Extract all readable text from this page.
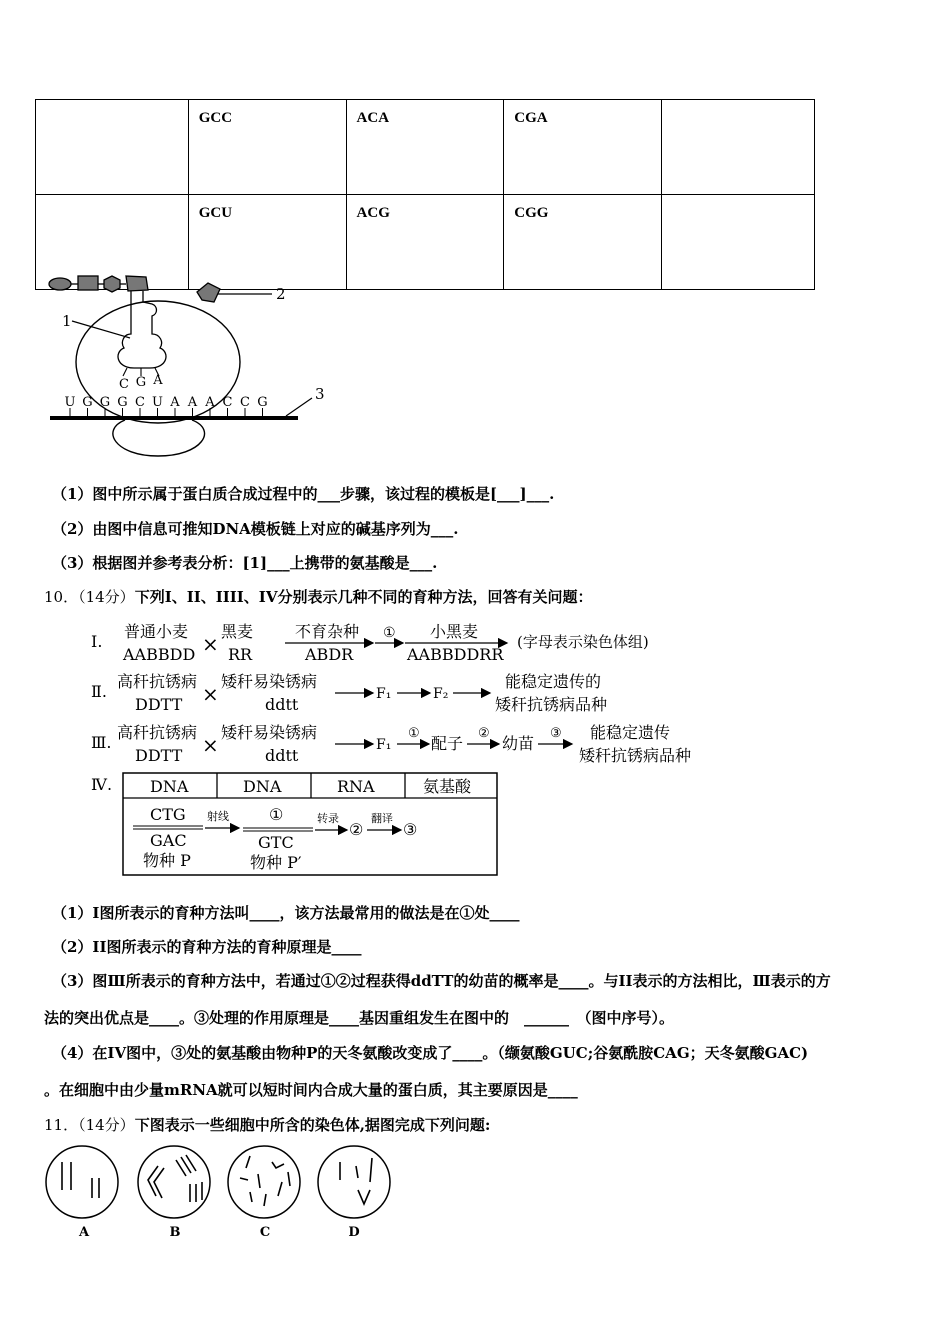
	GCC	ACA	CGA	
	GCU	ACG	CGG	
2
1
C G A
U G G G C U A A A C C G	3
（1）图中所示属于蛋白质合成过程中的___步骤，该过程的模板是[___]___.
（2）由图中信息可推知DNA模板链上对应的碱基序列为___.
（3）根据图并参考表分析：[1]___上携带的氨基酸是___.
10．（14分）下列I、II、IIII、IV分别表示几种不同的育种方法，回答有关问题：
Ⅰ.
普通小麦
AABBDD ×
黑麦
RR
不育杂种
ABDR
① 小黑麦
AABBDDRR
(字母表示染色体组)
Ⅱ.
高秆抗锈病
DDTT ×
矮秆易染锈病
ddtt
F₁	F₂
能稳定遗传的
矮秆抗锈病品种
Ⅲ.
高秆抗锈病
DDTT ×
矮秆易染锈病
ddtt
F₁
①
配子
②
幼苗
③ 能稳定遗传
矮秆抗锈病品种
Ⅳ. DNA	DNA	RNA	氨基酸
CTG
GAC
物种 P
射线	①
GTC
物种 P′
转录
②
翻译
③
（1）I图所表示的育种方法叫____，该方法最常用的做法是在①处____
（2）II图所表示的育种方法的育种原理是____
（3）图Ⅲ所表示的育种方法中，若通过①②过程获得ddTT的幼苗的概率是____。与II表示的方法相比，Ⅲ表示的方
法的突出优点是____。③处理的作用原理是____基因重组发生在图中的　______　（图中序号）。
（4）在IV图中，③处的氨基酸由物种P的天冬氨酸改变成了____。（缬氨酸GUC;谷氨酰胺CAG；天冬氨酸GAC)
。在细胞中由少量mRNA就可以短时间内合成大量的蛋白质，其主要原因是____
11．（14分）下图表示一些细胞中所含的染色体,据图完成下列问题:
A	B	C	D
